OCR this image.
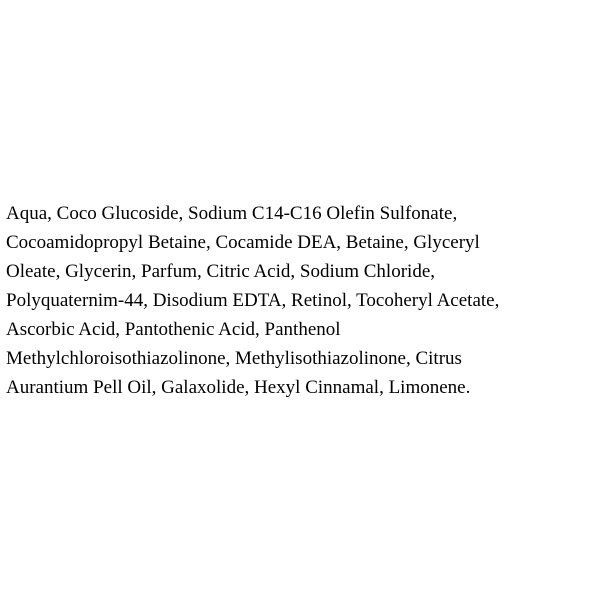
Aqua, Coco Glucoside, Sodium C14-C16 Olefin Sulfonate,
Cocoamidopropyl Betaine, Cocamide DEA, Betaine, Glyceryl
Oleate, Glycerin, Parfum, Citric Acid, Sodium Chloride,
Polyquaternim-44, Disodium EDTA, Retinol, Tocoheryl Acetate,
Ascorbic Acid, Pantothenic Acid, Panthenol
Methylchloroisothiazolinone, Methylisothiazolinone, Citrus
Aurantium Pell Oil, Galaxolide, Hexyl Cinnamal, Limonene.
